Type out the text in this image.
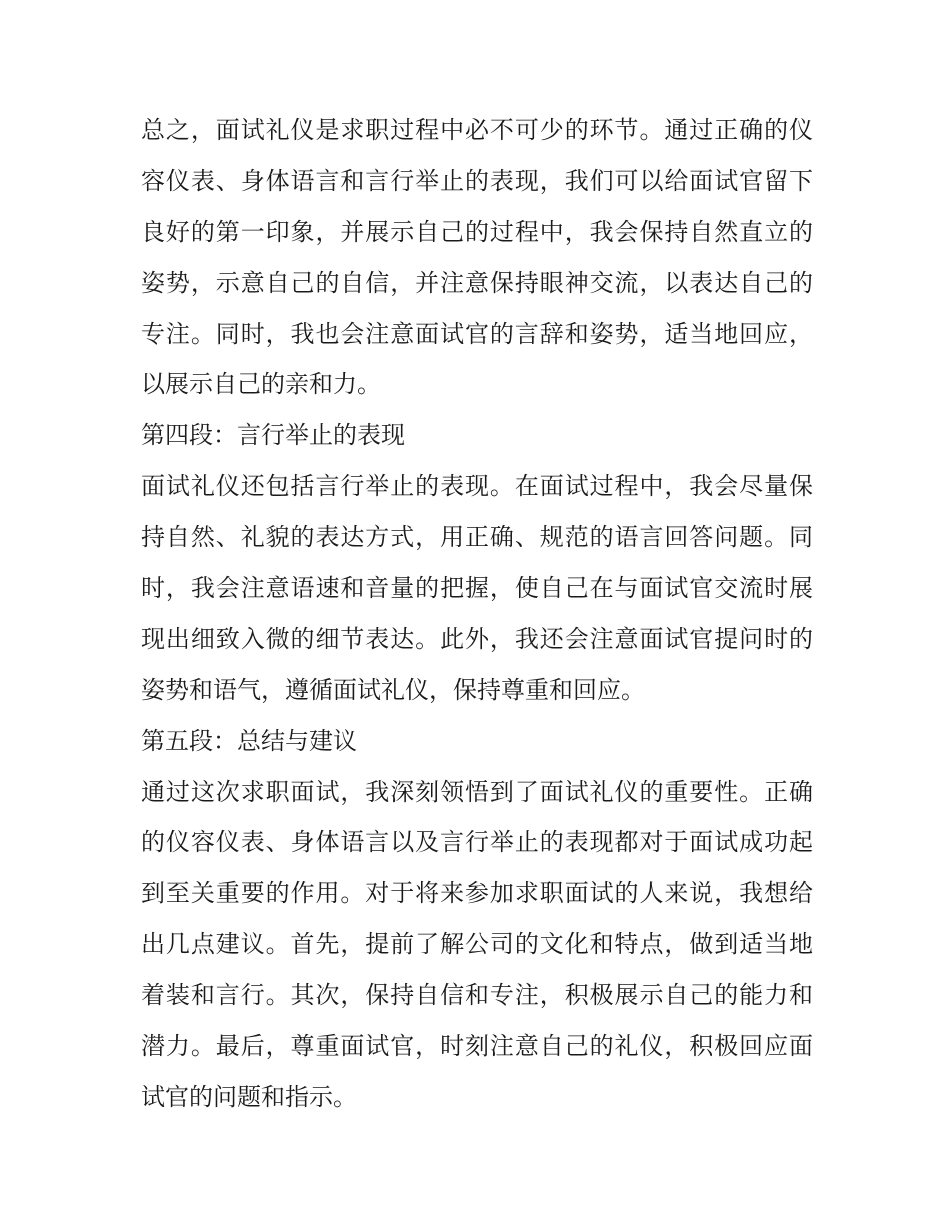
总之，面试礼仪是求职过程中必不可少的环节。通过正确的仪
容仪表、身体语言和言行举止的表现，我们可以给面试官留下
良好的第一印象，并展示自己的过程中，我会保持自然直立的
姿势，示意自己的自信，并注意保持眼神交流，以表达自己的
专注。同时，我也会注意面试官的言辞和姿势，适当地回应，
以展示自己的亲和力。
第四段：言行举止的表现
面试礼仪还包括言行举止的表现。在面试过程中，我会尽量保
持自然、礼貌的表达方式，用正确、规范的语言回答问题。同
时，我会注意语速和音量的把握，使自己在与面试官交流时展
现出细致入微的细节表达。此外，我还会注意面试官提问时的
姿势和语气，遵循面试礼仪，保持尊重和回应。
第五段：总结与建议
通过这次求职面试，我深刻领悟到了面试礼仪的重要性。正确
的仪容仪表、身体语言以及言行举止的表现都对于面试成功起
到至关重要的作用。对于将来参加求职面试的人来说，我想给
出几点建议。首先，提前了解公司的文化和特点，做到适当地
着装和言行。其次，保持自信和专注，积极展示自己的能力和
潜力。最后，尊重面试官，时刻注意自己的礼仪，积极回应面
试官的问题和指示。
